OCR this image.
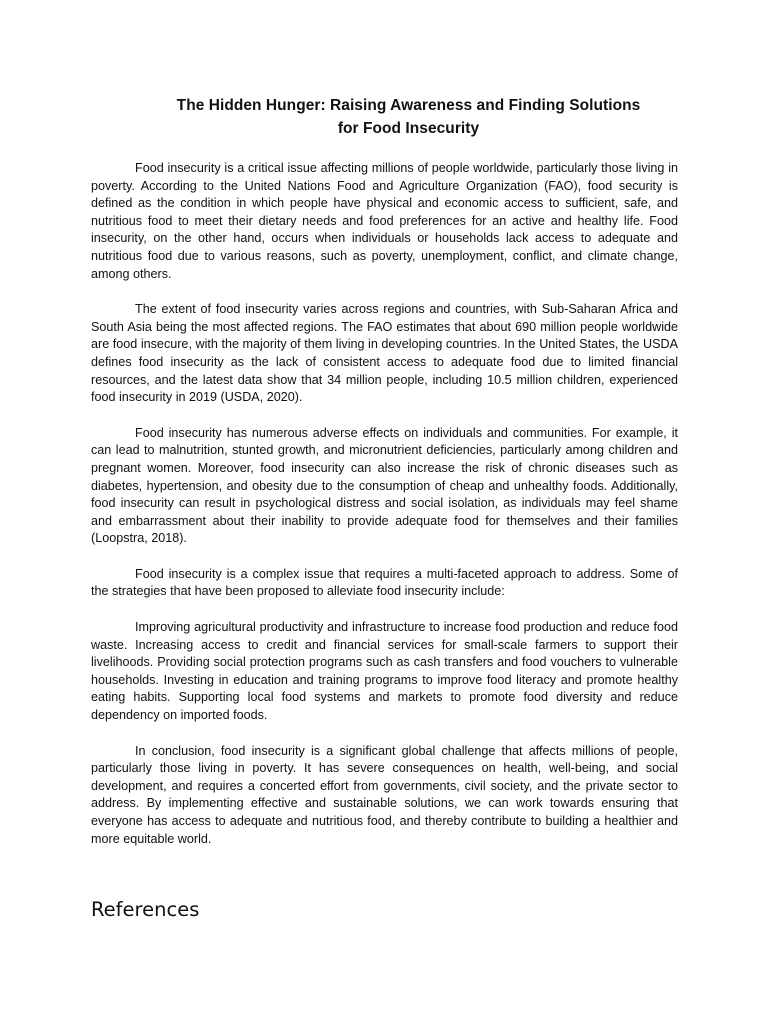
The Hidden Hunger: Raising Awareness and Finding Solutions
for Food Insecurity

Food insecurity is a critical issue affecting millions of people worldwide, particularly those living in poverty. According to the United Nations Food and Agriculture Organization (FAO), food security is defined as the condition in which people have physical and economic access to sufficient, safe, and nutritious food to meet their dietary needs and food preferences for an active and healthy life. Food insecurity, on the other hand, occurs when individuals or households lack access to adequate and nutritious food due to various reasons, such as poverty, unemployment, conflict, and climate change, among others.

The extent of food insecurity varies across regions and countries, with Sub-Saharan Africa and South Asia being the most affected regions. The FAO estimates that about 690 million people worldwide are food insecure, with the majority of them living in developing countries. In the United States, the USDA defines food insecurity as the lack of consistent access to adequate food due to limited financial resources, and the latest data show that 34 million people, including 10.5 million children, experienced food insecurity in 2019 (USDA, 2020).

Food insecurity has numerous adverse effects on individuals and communities. For example, it can lead to malnutrition, stunted growth, and micronutrient deficiencies, particularly among children and pregnant women. Moreover, food insecurity can also increase the risk of chronic diseases such as diabetes, hypertension, and obesity due to the consumption of cheap and unhealthy foods. Additionally, food insecurity can result in psychological distress and social isolation, as individuals may feel shame and embarrassment about their inability to provide adequate food for themselves and their families (Loopstra, 2018).

Food insecurity is a complex issue that requires a multi-faceted approach to address. Some of the strategies that have been proposed to alleviate food insecurity include:

Improving agricultural productivity and infrastructure to increase food production and reduce food waste. Increasing access to credit and financial services for small-scale farmers to support their livelihoods. Providing social protection programs such as cash transfers and food vouchers to vulnerable households. Investing in education and training programs to improve food literacy and promote healthy eating habits. Supporting local food systems and markets to promote food diversity and reduce dependency on imported foods.

In conclusion, food insecurity is a significant global challenge that affects millions of people, particularly those living in poverty. It has severe consequences on health, well-being, and social development, and requires a concerted effort from governments, civil society, and the private sector to address. By implementing effective and sustainable solutions, we can work towards ensuring that everyone has access to adequate and nutritious food, and thereby contribute to building a healthier and more equitable world.

References
